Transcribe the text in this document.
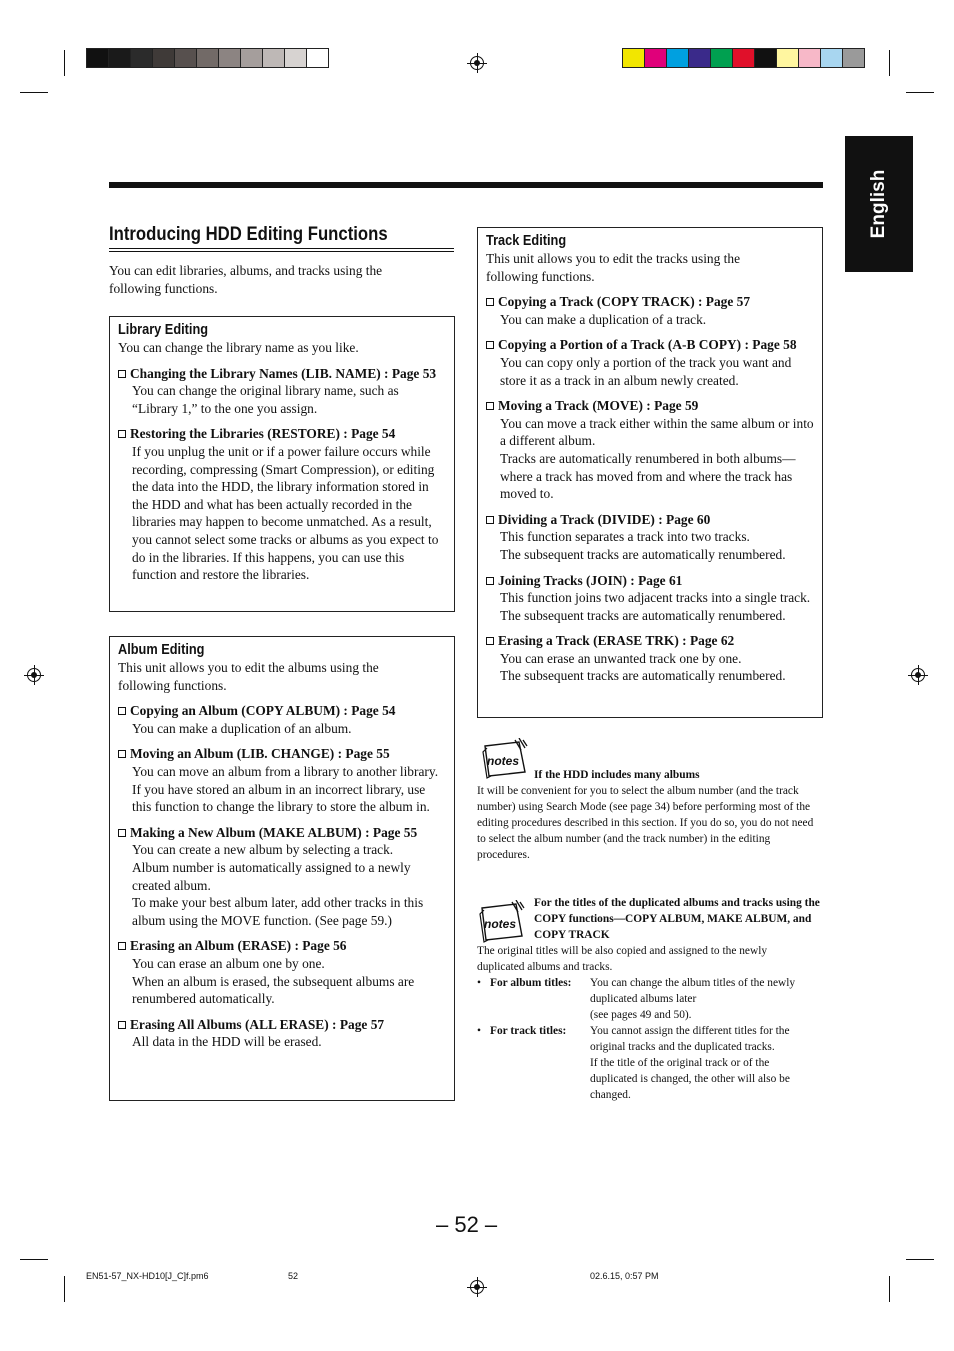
English
Introducing HDD Editing Functions
You can edit libraries, albums, and tracks using the following functions.
Library Editing
You can change the library name as you like.
Changing the Library Names (LIB. NAME) : Page 53
You can change the original library name, such as “Library 1,” to the one you assign.
Restoring the Libraries (RESTORE) : Page 54
If you unplug the unit or if a power failure occurs while recording, compressing (Smart Compression), or editing the data into the HDD, the library information stored in the HDD and what has been actually recorded in the libraries may happen to become unmatched. As a result, you cannot select some tracks or albums as you expect to do in the libraries. If this happens, you can use this function and restore the libraries.
Album Editing
This unit allows you to edit the albums using the following functions.
Copying an Album (COPY ALBUM) : Page 54
You can make a duplication of an album.
Moving an Album (LIB. CHANGE) : Page 55
You can move an album from a library to another library.
If you have stored an album in an incorrect library, use this function to change the library to store the album in.
Making a New Album (MAKE ALBUM) : Page 55
You can create a new album by selecting a track.
Album number is automatically assigned to a newly created album.
To make your best album later, add other tracks in this album using the MOVE function. (See page 59.)
Erasing an Album (ERASE) : Page 56
You can erase an album one by one.
When an album is erased, the subsequent albums are renumbered automatically.
Erasing All Albums (ALL ERASE) : Page 57
All data in the HDD will be erased.
Track Editing
This unit allows you to edit the tracks using the following functions.
Copying a Track (COPY TRACK) : Page 57
You can make a duplication of a track.
Copying a Portion of a Track (A-B COPY) : Page 58
You can copy only a portion of the track you want and store it as a track in an album newly created.
Moving a Track (MOVE) : Page 59
You can move a track either within the same album or into a different album.
Tracks are automatically renumbered in both albums—where a track has moved from and where the track has moved to.
Dividing a Track (DIVIDE) : Page 60
This function separates a track into two tracks.
The subsequent tracks are automatically renumbered.
Joining Tracks (JOIN) : Page 61
This function joins two adjacent tracks into a single track.
The subsequent tracks are automatically renumbered.
Erasing a Track (ERASE TRK) : Page 62
You can erase an unwanted track one by one.
The subsequent tracks are automatically renumbered.
notes
If the HDD includes many albums
It will be convenient for you to select the album number (and the track number) using Search Mode (see page 34) before performing most of the editing procedures described in this section. If you do so, you do not need to select the album number (and the track number) in the editing procedures.
notes
For the titles of the duplicated albums and tracks using the COPY functions—COPY ALBUM, MAKE ALBUM, and COPY TRACK
The original titles will be also copied and assigned to the newly duplicated albums and tracks.
• For album titles:	You can change the album titles of the newly duplicated albums later
(see pages 49 and 50).
• For track titles:	You cannot assign the different titles for the original tracks and the duplicated tracks.
If the title of the original track or of the duplicated is changed, the other will also be changed.
– 52 –
EN51-57_NX-HD10[J_C]f.pm6	52	02.6.15, 0:57 PM
